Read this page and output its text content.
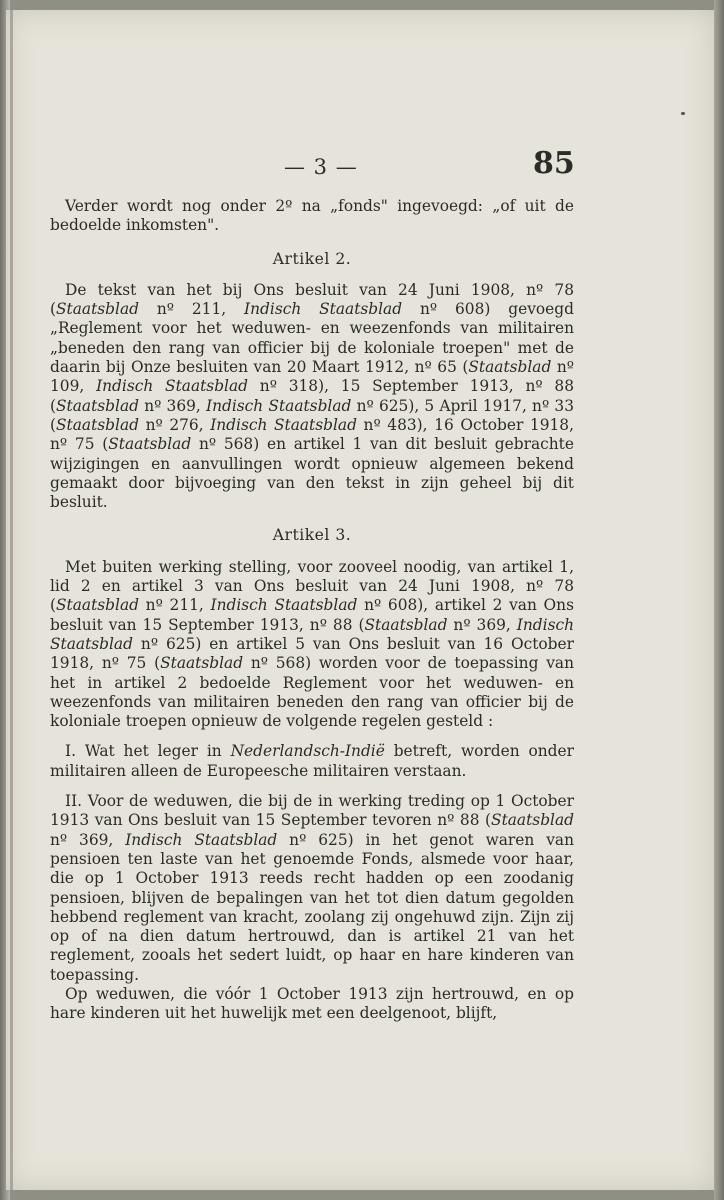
— 3 —	85

Verder wordt nog onder 2º na „fonds" ingevoegd: „of uit de bedoelde inkomsten".

Artikel 2.

De tekst van het bij Ons besluit van 24 Juni 1908, nº 78 (Staatsblad nº 211, Indisch Staatsblad nº 608) gevoegd „Reglement voor het weduwen- en weezenfonds van militairen „beneden den rang van officier bij de koloniale troepen" met de daarin bij Onze besluiten van 20 Maart 1912, nº 65 (Staatsblad nº 109, Indisch Staatsblad nº 318), 15 September 1913, nº 88 (Staatsblad nº 369, Indisch Staatsblad nº 625), 5 April 1917, nº 33 (Staatsblad nº 276, Indisch Staatsblad nº 483), 16 October 1918, nº 75 (Staatsblad nº 568) en artikel 1 van dit besluit gebrachte wijzigingen en aanvullingen wordt opnieuw algemeen bekend gemaakt door bijvoeging van den tekst in zijn geheel bij dit besluit.

Artikel 3.

Met buiten werking stelling, voor zooveel noodig, van artikel 1, lid 2 en artikel 3 van Ons besluit van 24 Juni 1908, nº 78 (Staatsblad nº 211, Indisch Staatsblad nº 608), artikel 2 van Ons besluit van 15 September 1913, nº 88 (Staatsblad nº 369, Indisch Staatsblad nº 625) en artikel 5 van Ons besluit van 16 October 1918, nº 75 (Staatsblad nº 568) worden voor de toepassing van het in artikel 2 bedoelde Reglement voor het weduwen- en weezenfonds van militairen beneden den rang van officier bij de koloniale troepen opnieuw de volgende regelen gesteld :

I. Wat het leger in Nederlandsch-Indië betreft, worden onder militairen alleen de Europeesche militairen verstaan.

II. Voor de weduwen, die bij de in werking treding op 1 October 1913 van Ons besluit van 15 September tevoren nº 88 (Staatsblad nº 369, Indisch Staatsblad nº 625) in het genot waren van pensioen ten laste van het genoemde Fonds, alsmede voor haar, die op 1 October 1913 reeds recht hadden op een zoodanig pensioen, blijven de bepalingen van het tot dien datum gegolden hebbend reglement van kracht, zoolang zij ongehuwd zijn. Zijn zij op of na dien datum hertrouwd, dan is artikel 21 van het reglement, zooals het sedert luidt, op haar en hare kinderen van toepassing.

Op weduwen, die vóór 1 October 1913 zijn hertrouwd, en op hare kinderen uit het huwelijk met een deelgenoot, blijft,
